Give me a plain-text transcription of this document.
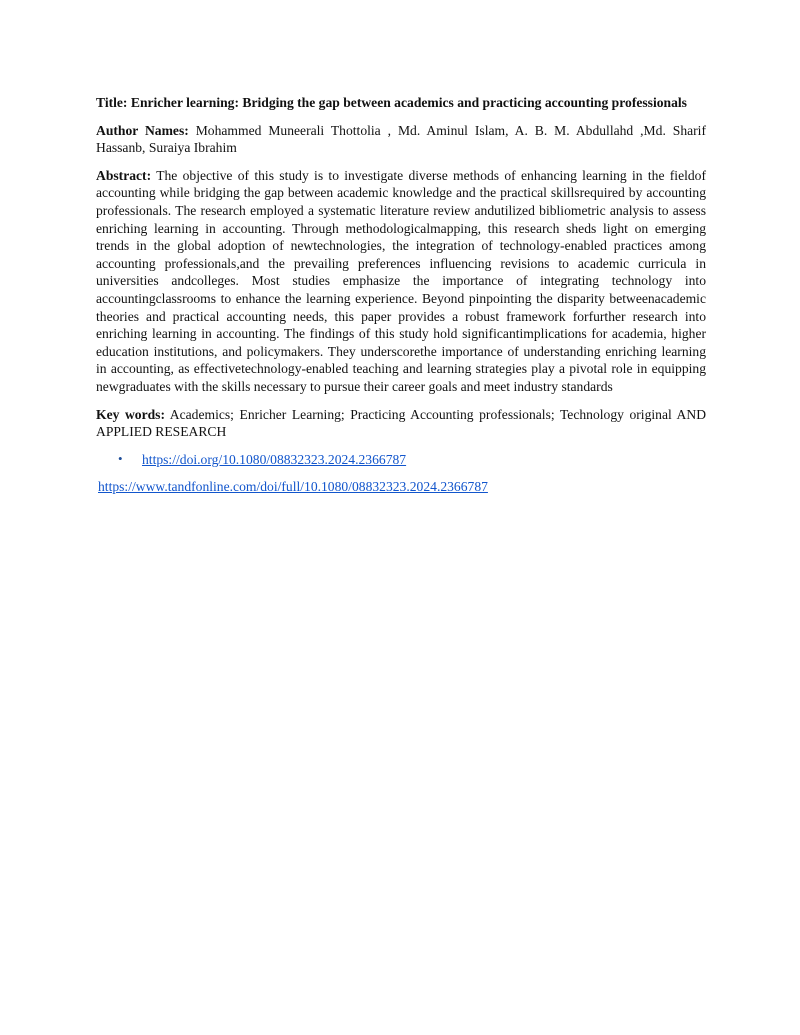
Title: Enricher learning: Bridging the gap between academics and practicing accounting professionals

Author Names: Mohammed Muneerali Thottolia , Md. Aminul Islam, A. B. M. Abdullahd ,Md. Sharif Hassanb, Suraiya Ibrahim

Abstract: The objective of this study is to investigate diverse methods of enhancing learning in the fieldof accounting while bridging the gap between academic knowledge and the practical skillsrequired by accounting professionals. The research employed a systematic literature review andutilized bibliometric analysis to assess enriching learning in accounting. Through methodologicalmapping, this research sheds light on emerging trends in the global adoption of newtechnologies, the integration of technology-enabled practices among accounting professionals,and the prevailing preferences influencing revisions to academic curricula in universities andcolleges. Most studies emphasize the importance of integrating technology into accountingclassrooms to enhance the learning experience. Beyond pinpointing the disparity betweenacademic theories and practical accounting needs, this paper provides a robust framework forfurther research into enriching learning in accounting. The findings of this study hold significantimplications for academia, higher education institutions, and policymakers. They underscorethe importance of understanding enriching learning in accounting, as effectivetechnology-enabled teaching and learning strategies play a pivotal role in equipping newgraduates with the skills necessary to pursue their career goals and meet industry standards

Key words: Academics; Enricher Learning; Practicing Accounting professionals; Technology original AND APPLIED RESEARCH

• https://doi.org/10.1080/08832323.2024.2366787
https://www.tandfonline.com/doi/full/10.1080/08832323.2024.2366787
